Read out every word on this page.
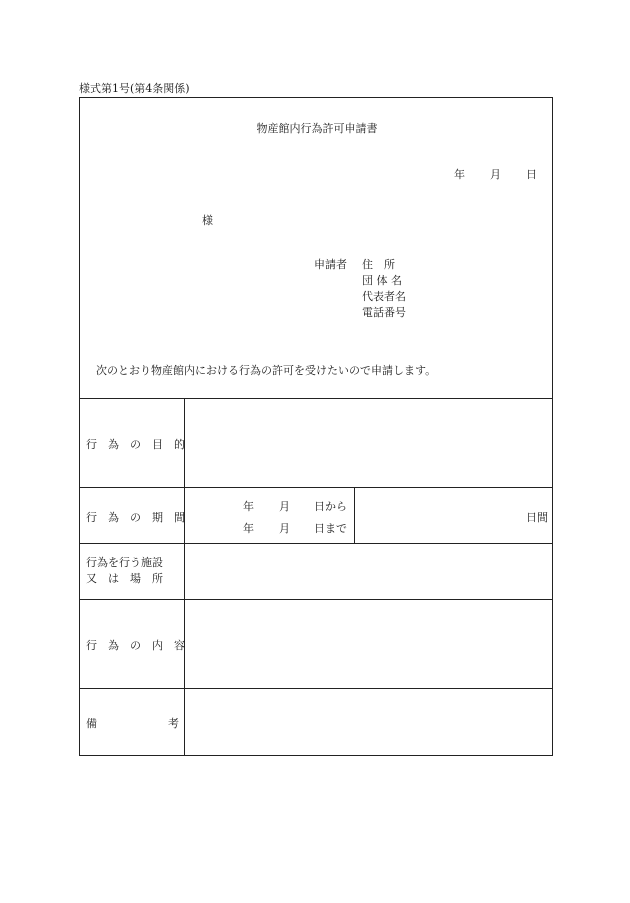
様式第1号(第4条関係)
物産館内行為許可申請書
年 月 日
様
申請者 住　所
団 体 名
代表者名
電話番号
次のとおり物産館内における行為の許可を受けたいので申請します。
行　為　の　目　的
行　為　の　期　間
年 月 日から
年 月 日まで
日間
行為を行う施設
又　は　場　所
行　為　の　内　容
備	考
